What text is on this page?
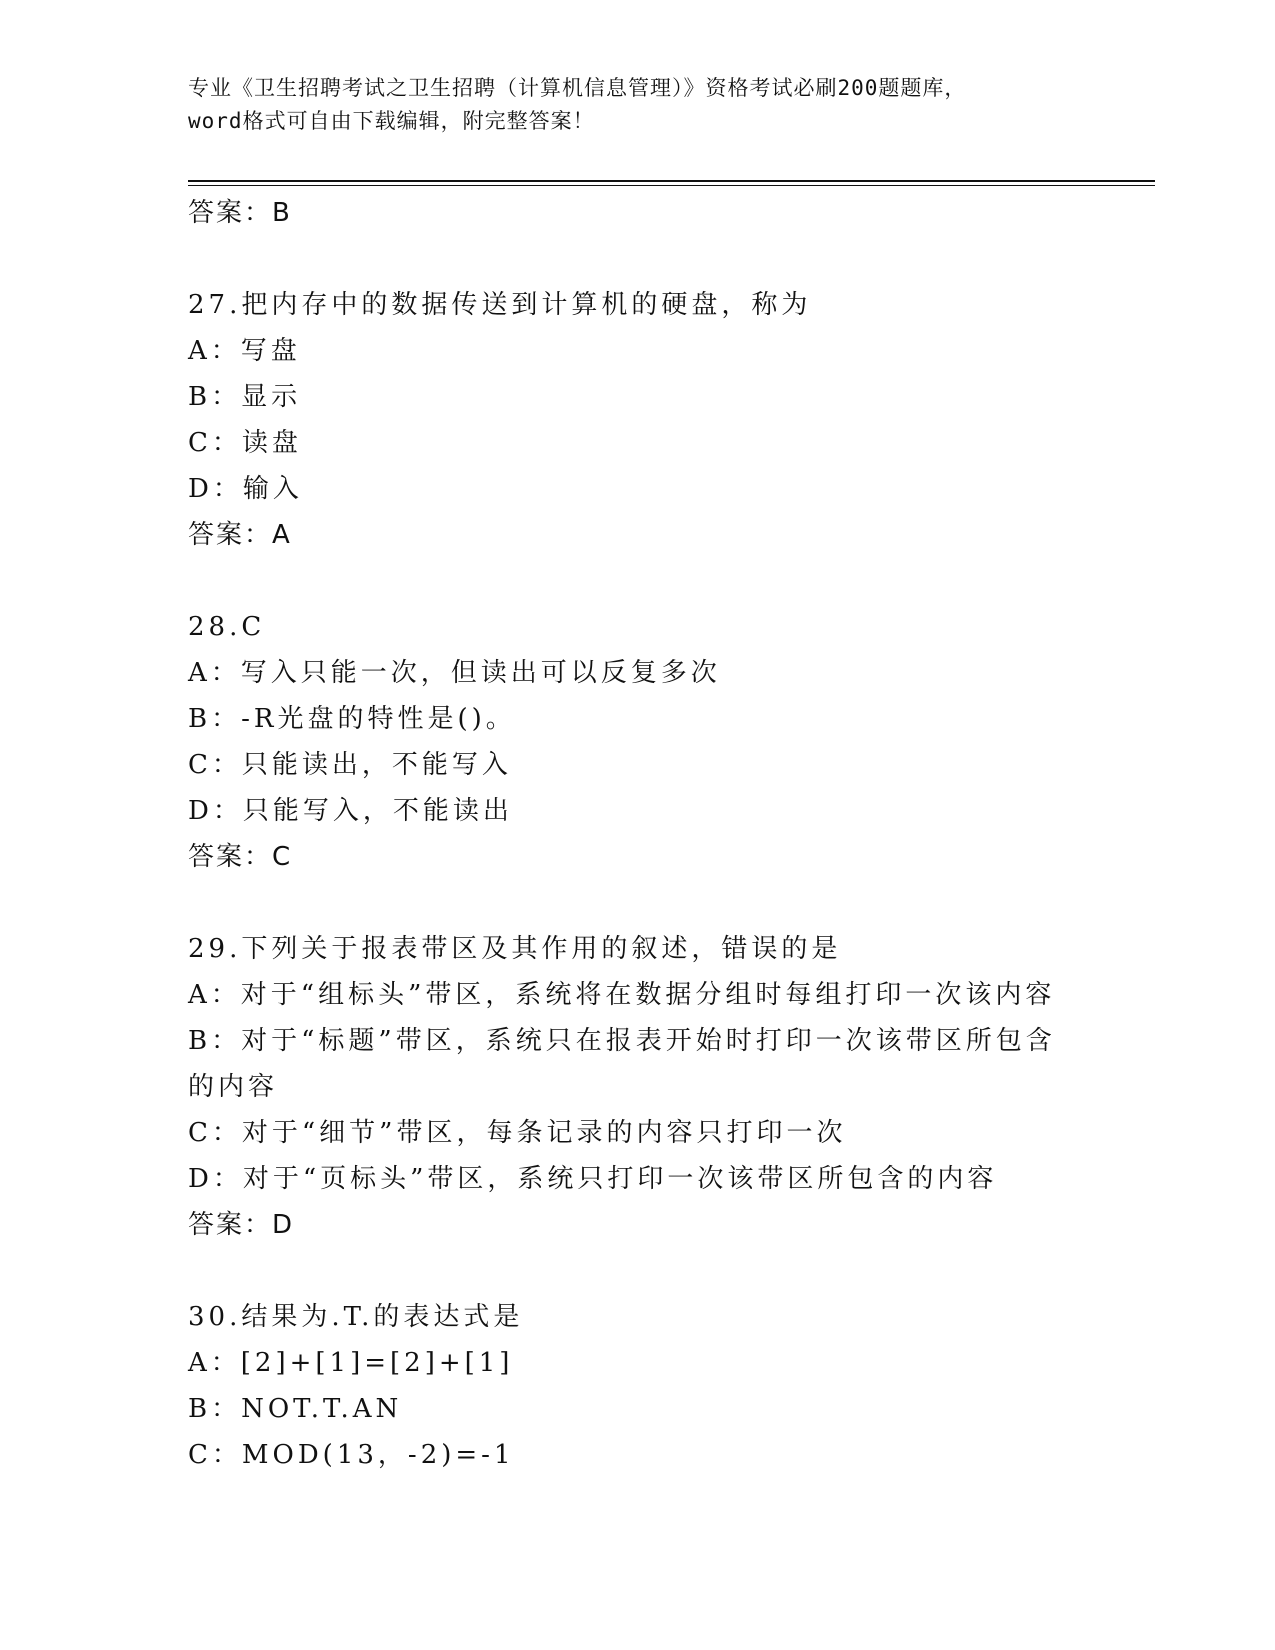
专业《卫生招聘考试之卫生招聘（计算机信息管理）》资格考试必刷200题题库，
word格式可自由下载编辑，附完整答案！
答案：B
27.把内存中的数据传送到计算机的硬盘，称为
A：写盘
B：显示
C：读盘
D：输入
答案：A
28.C
A：写入只能一次，但读出可以反复多次
B：-R光盘的特性是()。
C：只能读出，不能写入
D：只能写入，不能读出
答案：C
29.下列关于报表带区及其作用的叙述，错误的是
A：对于“组标头”带区，系统将在数据分组时每组打印一次该内容
B：对于“标题”带区，系统只在报表开始时打印一次该带区所包含的内容
C：对于“细节”带区，每条记录的内容只打印一次
D：对于“页标头”带区，系统只打印一次该带区所包含的内容
答案：D
30.结果为.T.的表达式是
A：[2]+[1]=[2]+[1]
B：NOT.T.AN
C：MOD(13，-2)=-1
